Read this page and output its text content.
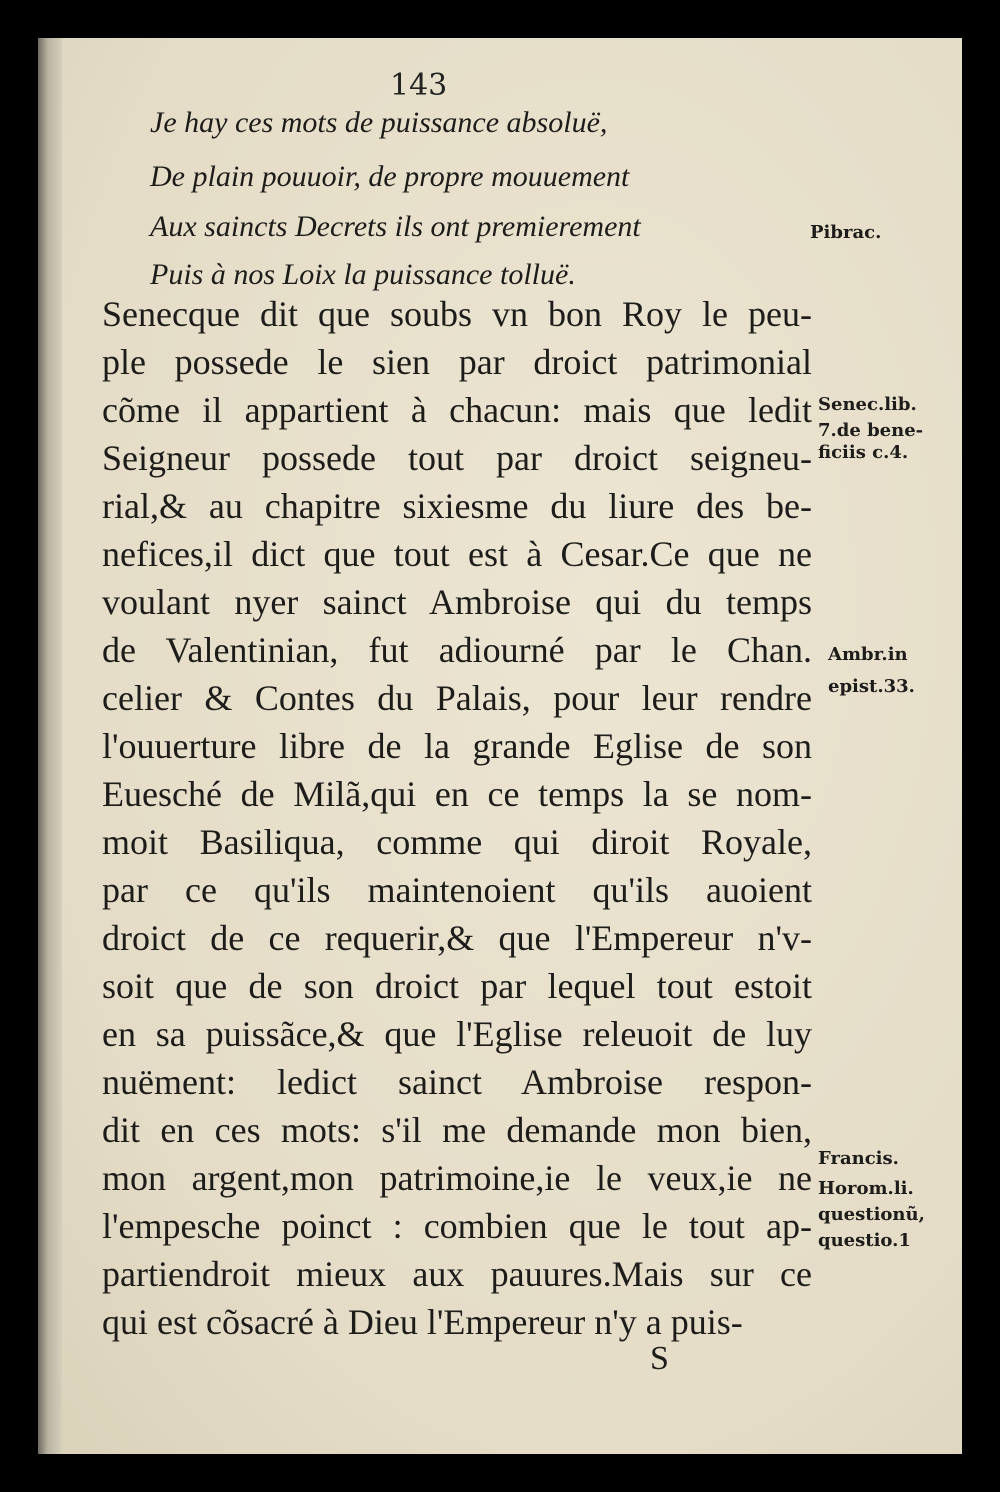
143
Je hay ces mots de puissance absoluë,
De plain pouuoir, de propre mouuement
Aux saincts Decrets ils ont premierement
Puis à nos Loix la puissance tolluë.
Senecque dit que soubs vn bon Roy le peu-
ple possede le sien par droict patrimonial
cõme il appartient à chacun: mais que ledit
Seigneur possede tout par droict seigneu-
rial,& au chapitre sixiesme du liure des be-
nefices,il dict que tout est à Cesar.Ce que ne
voulant nyer sainct Ambroise qui du temps
de Valentinian, fut adiourné par le Chan.
celier & Contes du Palais, pour leur rendre
l'ouuerture libre de la grande Eglise de son
Euesché de Milã,qui en ce temps la se nom-
moit Basiliqua, comme qui diroit Royale,
par ce qu'ils maintenoient qu'ils auoient
droict de ce requerir,& que l'Empereur n'v-
soit que de son droict par lequel tout estoit
en sa puissãce,& que l'Eglise releuoit de luy
nuëment: ledict sainct Ambroise respon-
dit en ces mots: s'il me demande mon bien,
mon argent,mon patrimoine,ie le veux,ie ne
l'empesche poinct : combien que le tout ap-
partiendroit mieux aux pauures.Mais sur ce
qui est cõsacré à Dieu l'Empereur n'y a puis-
Pibrac.
Senec.lib.
7.de bene-
ficiis c.4.
Ambr.in
epist.33.
Francis.
Horom.li.
questionũ,
questio.1
S
